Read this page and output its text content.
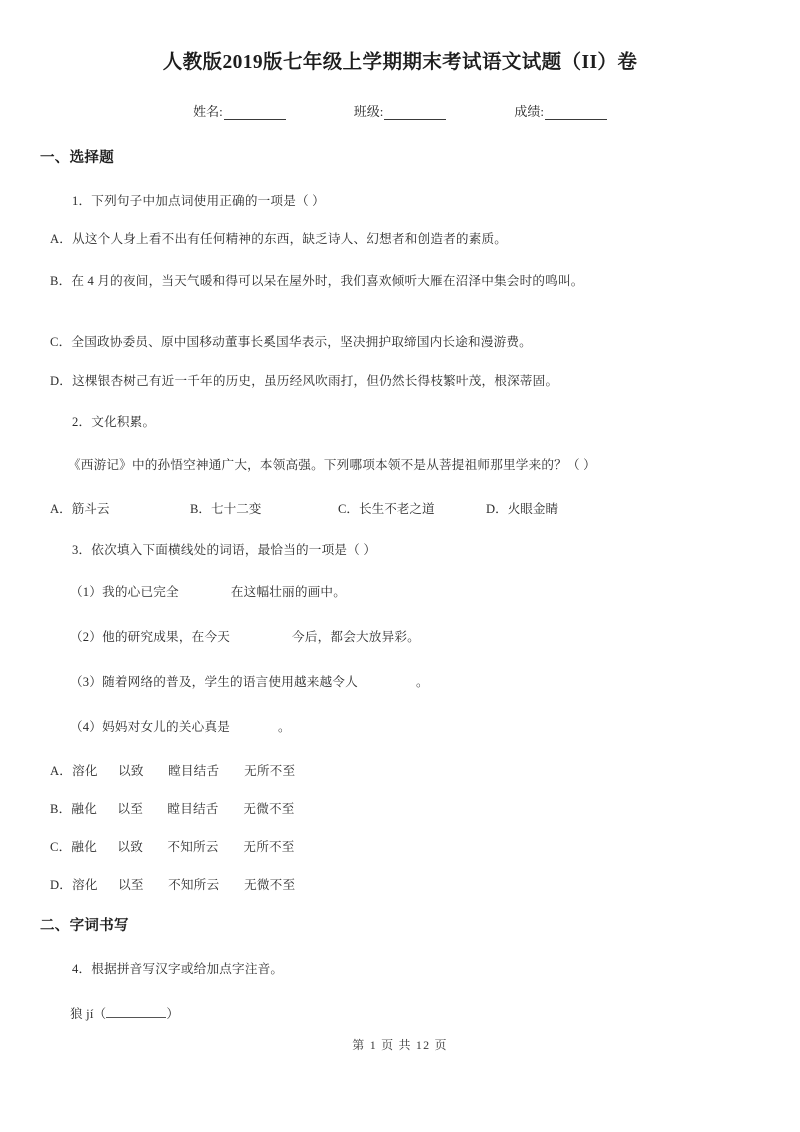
人教版2019版七年级上学期期末考试语文试题（II）卷
姓名:	班级:	成绩:
一、选择题
1．下列句子中加点词使用正确的一项是（ ）
A．从这个人身上看不出有任何精神的东西，缺乏诗人、幻想者和创造者的素质。
B．在 4 月的夜间，当天气暖和得可以呆在屋外时，我们喜欢倾听大雁在沼泽中集会时的鸣叫。
C．全国政协委员、原中国移动董事长奚国华表示，坚决拥护取缔国内长途和漫游费。
D．这棵银杏树己有近一千年的历史，虽历经风吹雨打，但仍然长得枝繁叶茂，根深蒂固。
2．文化积累。
《西游记》中的孙悟空神通广大，本领高强。下列哪项本领不是从菩提祖师那里学来的？（ ）
A．筋斗云	B．七十二变	C．长生不老之道	D．火眼金睛
3．依次填入下面横线处的词语，最恰当的一项是（ ）
（1）我的心已完全	在这幅壮丽的画中。
（2）他的研究成果，在今天	今后，都会大放异彩。
（3）随着网络的普及，学生的语言使用越来越令人	。
（4）妈妈对女儿的关心真是	。
A．溶化 以致 瞠目结舌 无所不至
B．融化 以至 瞠目结舌 无微不至
C．融化 以致 不知所云 无所不至
D．溶化 以至 不知所云 无微不至
二、字词书写
4．根据拼音写汉字或给加点字注音。
狼 jí（	）
第 1 页 共 12 页
